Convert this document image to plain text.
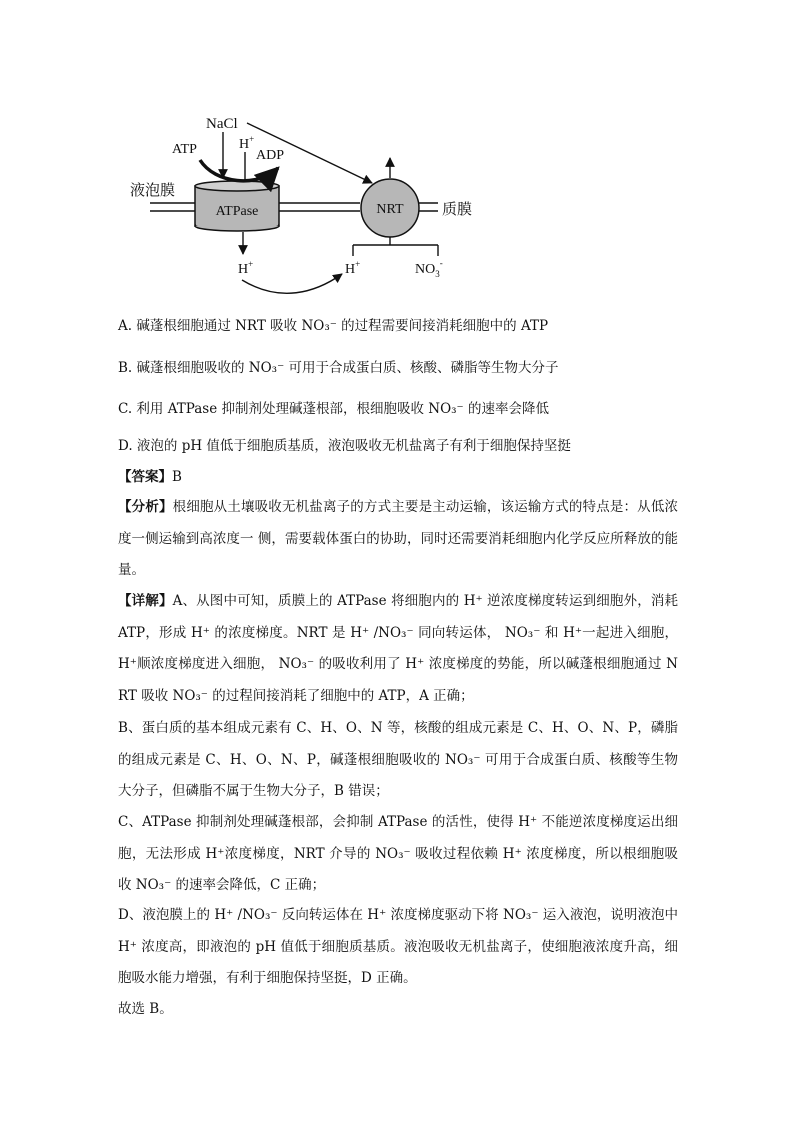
ATPase	NRT
NaCl
ATP	ADP
H+
H+	H+	$NO_3^-$
液泡膜
质膜
A. 碱蓬根细胞通过 NRT 吸收 NO₃⁻ 的过程需要间接消耗细胞中的 ATP
B. 碱蓬根细胞吸收的 NO₃⁻ 可用于合成蛋白质、核酸、磷脂等生物大分子
C. 利用 ATPase 抑制剂处理碱蓬根部，根细胞吸收 NO₃⁻ 的速率会降低
D. 液泡的 pH 值低于细胞质基质，液泡吸收无机盐离子有利于细胞保持坚挺
【答案】B
【分析】根细胞从土壤吸收无机盐离子的方式主要是主动运输，该运输方式的特点是：从低浓度一侧运输到高浓度一 侧，需要载体蛋白的协助，同时还需要消耗细胞内化学反应所释放的能量。
【详解】A、从图中可知，质膜上的 ATPase 将细胞内的 H⁺ 逆浓度梯度转运到细胞外，消耗 ATP，形成 H⁺ 的浓度梯度。NRT 是 H⁺ /NO₃⁻ 同向转运体， NO₃⁻ 和 H⁺一起进入细胞， H⁺顺浓度梯度进入细胞， NO₃⁻ 的吸收利用了 H⁺ 浓度梯度的势能，所以碱蓬根细胞通过 NRT 吸收 NO₃⁻ 的过程间接消耗了细胞中的 ATP，A 正确；
B、蛋白质的基本组成元素有 C、H、O、N 等，核酸的组成元素是 C、H、O、N、P，磷脂的组成元素是 C、H、O、N、P，碱蓬根细胞吸收的 NO₃⁻ 可用于合成蛋白质、核酸等生物大分子，但磷脂不属于生物大分子，B 错误；
C、ATPase 抑制剂处理碱蓬根部，会抑制 ATPase 的活性，使得 H⁺ 不能逆浓度梯度运出细胞，无法形成 H⁺浓度梯度，NRT 介导的 NO₃⁻ 吸收过程依赖 H⁺ 浓度梯度，所以根细胞吸收 NO₃⁻ 的速率会降低，C 正确；
D、液泡膜上的 H⁺ /NO₃⁻ 反向转运体在 H⁺ 浓度梯度驱动下将 NO₃⁻ 运入液泡，说明液泡中 H⁺ 浓度高，即液泡的 pH 值低于细胞质基质。液泡吸收无机盐离子，使细胞液浓度升高，细胞吸水能力增强，有利于细胞保持坚挺，D 正确。
故选 B。
